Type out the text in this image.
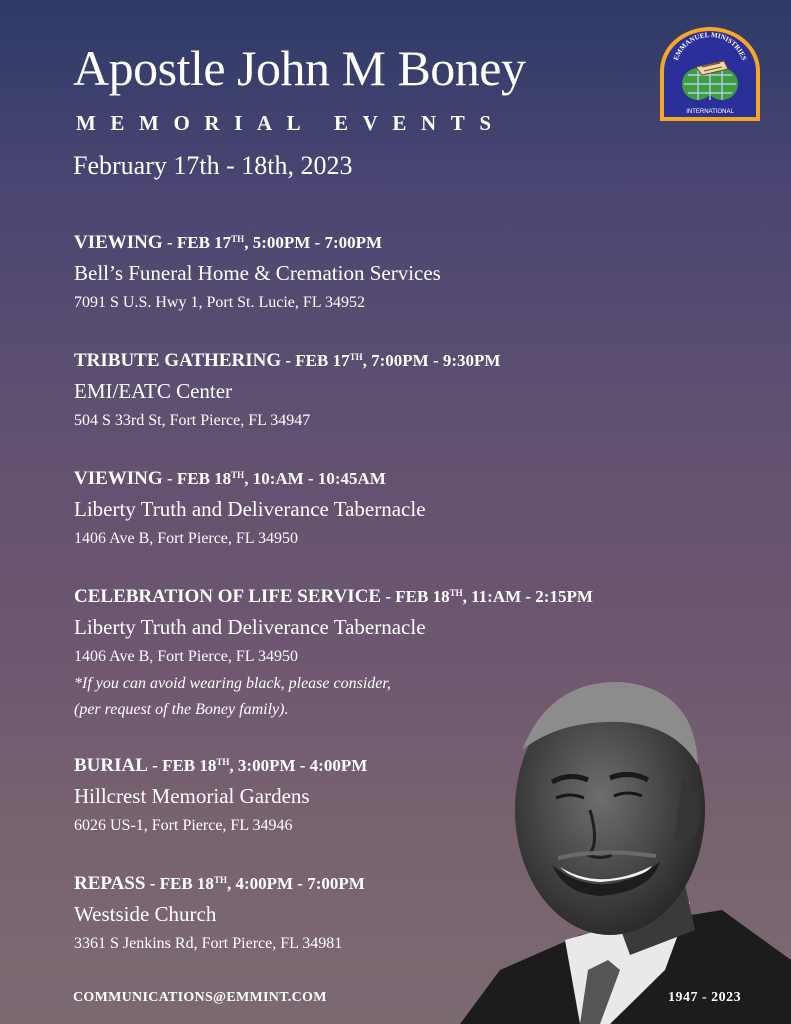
Apostle John M Boney
MEMORIAL EVENTS
February 17th - 18th, 2023
EMMANUEL MINISTRIES
INTERNATIONAL
VIEWING - FEB 17TH, 5:00PM - 7:00PM
Bell’s Funeral Home & Cremation Services
7091 S U.S. Hwy 1, Port St. Lucie, FL 34952
TRIBUTE GATHERING - FEB 17TH, 7:00PM - 9:30PM
EMI/EATC Center
504 S 33rd St, Fort Pierce, FL 34947
VIEWING - FEB 18TH, 10:AM - 10:45AM
Liberty Truth and Deliverance Tabernacle
1406 Ave B, Fort Pierce, FL 34950
CELEBRATION OF LIFE SERVICE - FEB 18TH, 11:AM - 2:15PM
Liberty Truth and Deliverance Tabernacle
1406 Ave B, Fort Pierce, FL 34950
*If you can avoid wearing black, please consider,
(per request of the Boney family).
BURIAL - FEB 18TH, 3:00PM - 4:00PM
Hillcrest Memorial Gardens
6026 US-1, Fort Pierce, FL 34946
REPASS - FEB 18TH, 4:00PM - 7:00PM
Westside Church
3361 S Jenkins Rd, Fort Pierce, FL 34981
COMMUNICATIONS@EMMINT.COM	1947 - 2023
